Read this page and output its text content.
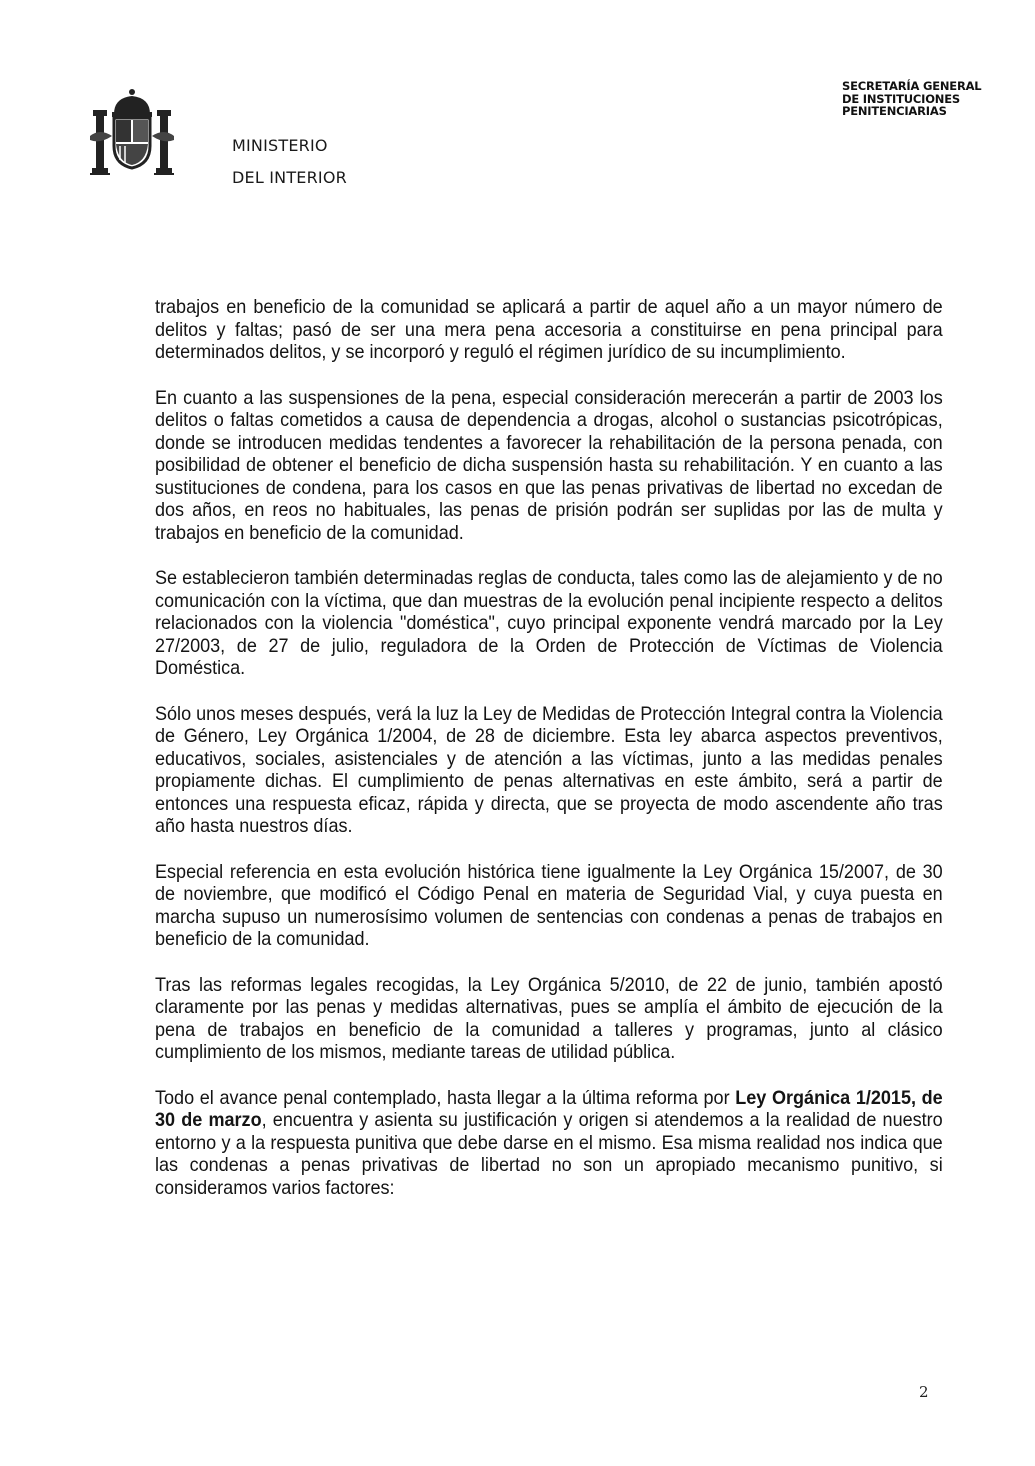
MINISTERIO
DEL INTERIOR
SECRETARÍA GENERAL
DE INSTITUCIONES
PENITENCIARIAS

trabajos en beneficio de la comunidad se aplicará a partir de aquel año a un mayor número de delitos y faltas; pasó de ser una mera pena accesoria a constituirse en pena principal para determinados delitos, y se incorporó y reguló el régimen jurídico de su incumplimiento.

En cuanto a las suspensiones de la pena, especial consideración merecerán a partir de 2003 los delitos o faltas cometidos a causa de dependencia a drogas, alcohol o sustancias psicotrópicas, donde se introducen medidas tendentes a favorecer la rehabilitación de la persona penada, con posibilidad de obtener el beneficio de dicha suspensión hasta su rehabilitación. Y en cuanto a las sustituciones de condena, para los casos en que las penas privativas de libertad no excedan de dos años, en reos no habituales, las penas de prisión podrán ser suplidas por las de multa y trabajos en beneficio de la comunidad.

Se establecieron también determinadas reglas de conducta, tales como las de alejamiento y de no comunicación con la víctima, que dan muestras de la evolución penal incipiente respecto a delitos relacionados con la violencia "doméstica", cuyo principal exponente vendrá marcado por la Ley 27/2003, de 27 de julio, reguladora de la Orden de Protección de Víctimas de Violencia Doméstica.

Sólo unos meses después, verá la luz la Ley de Medidas de Protección Integral contra la Violencia de Género, Ley Orgánica 1/2004, de 28 de diciembre. Esta ley abarca aspectos preventivos, educativos, sociales, asistenciales y de atención a las víctimas, junto a las medidas penales propiamente dichas. El cumplimiento de penas alternativas en este ámbito, será a partir de entonces una respuesta eficaz, rápida y directa, que se proyecta de modo ascendente año tras año hasta nuestros días.

Especial referencia en esta evolución histórica tiene igualmente la Ley Orgánica 15/2007, de 30 de noviembre, que modificó el Código Penal en materia de Seguridad Vial, y cuya puesta en marcha supuso un numerosísimo volumen de sentencias con condenas a penas de trabajos en beneficio de la comunidad.

Tras las reformas legales recogidas, la Ley Orgánica 5/2010, de 22 de junio, también apostó claramente por las penas y medidas alternativas, pues se amplía el ámbito de ejecución de la pena de trabajos en beneficio de la comunidad a talleres y programas, junto al clásico cumplimiento de los mismos, mediante tareas de utilidad pública.

Todo el avance penal contemplado, hasta llegar a la última reforma por Ley Orgánica 1/2015, de 30 de marzo, encuentra y asienta su justificación y origen si atendemos a la realidad de nuestro entorno y a la respuesta punitiva que debe darse en el mismo. Esa misma realidad nos indica que las condenas a penas privativas de libertad no son un apropiado mecanismo punitivo, si consideramos varios factores:

2
